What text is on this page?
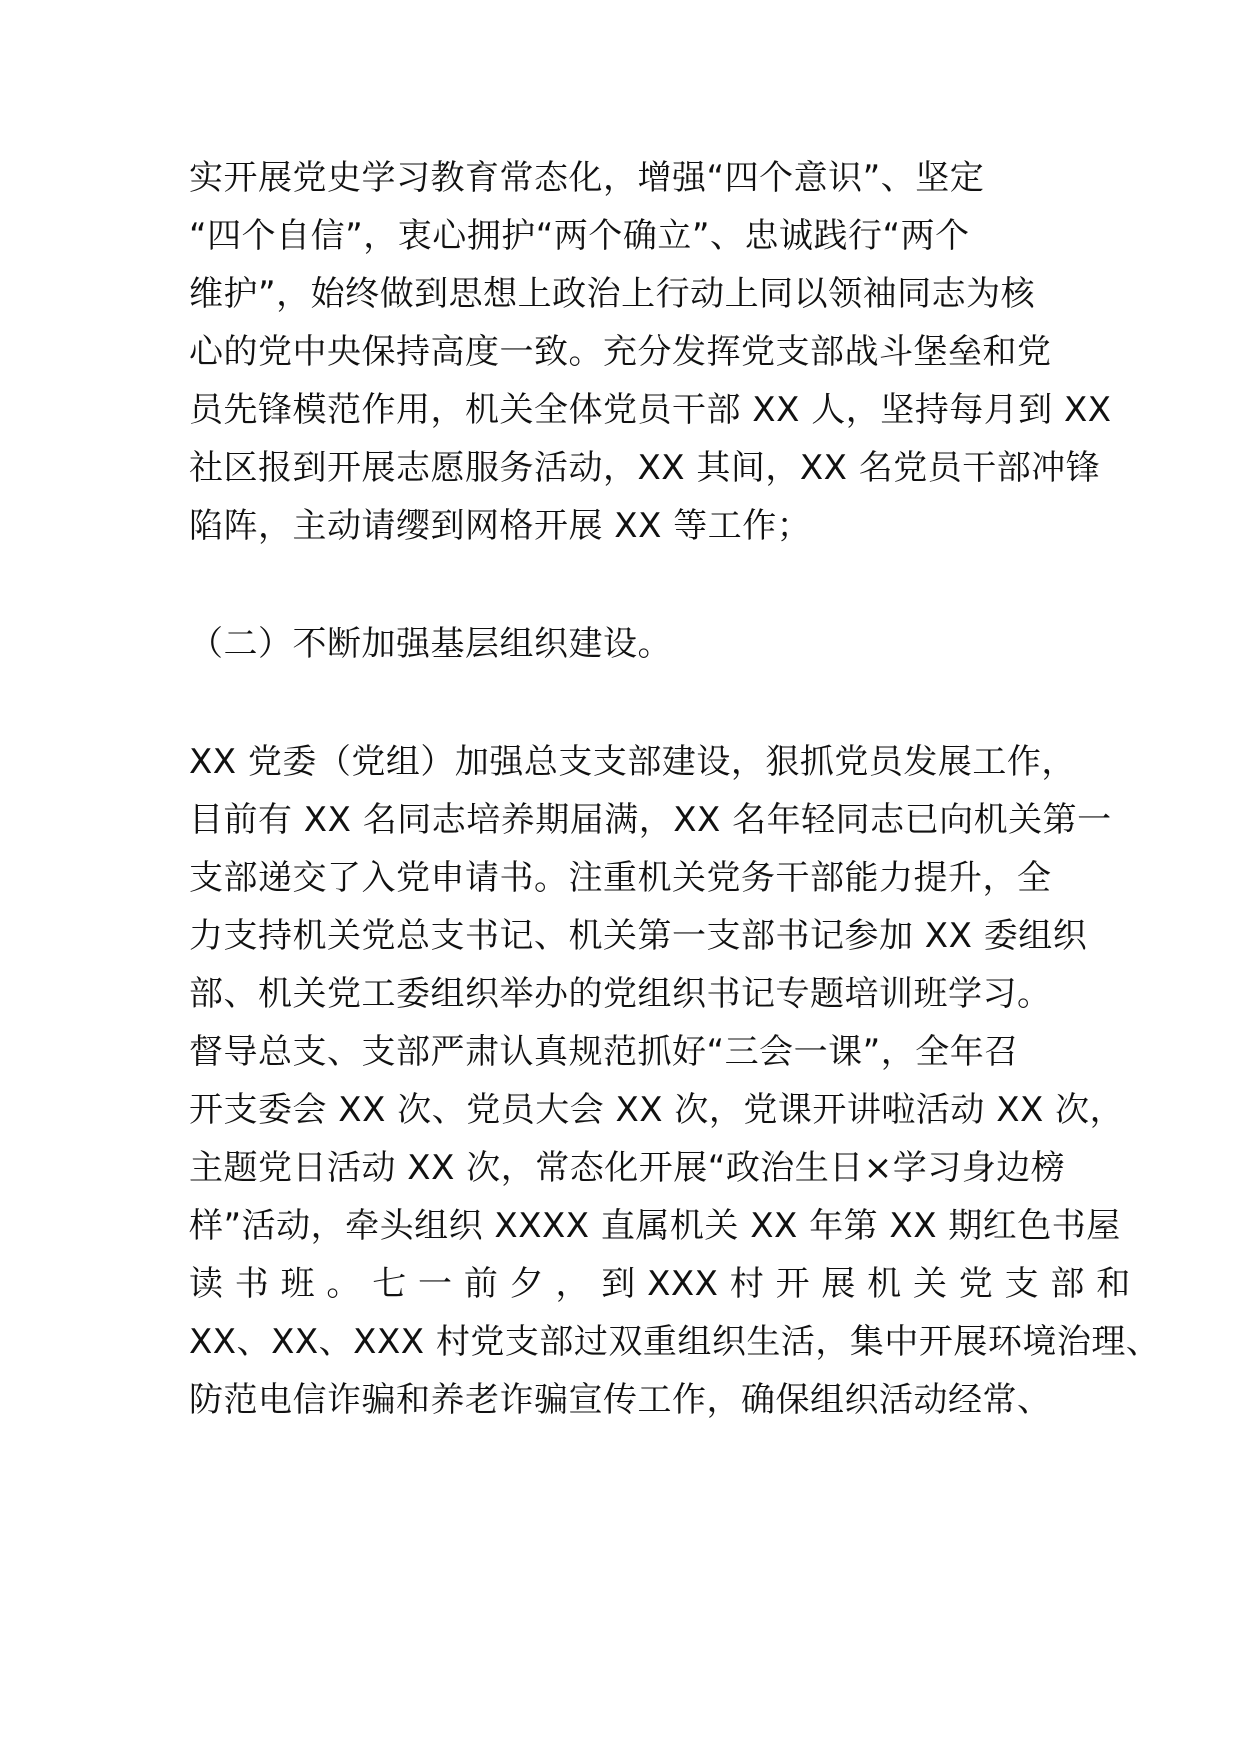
实开展党史学习教育常态化，增强“四个意识”、坚定
“四个自信”，衷心拥护“两个确立”、忠诚践行“两个
维护”，始终做到思想上政治上行动上同以领袖同志为核
心的党中央保持高度一致。充分发挥党支部战斗堡垒和党
员先锋模范作用，机关全体党员干部 XX 人，坚持每月到 XX
社区报到开展志愿服务活动，XX 其间，XX 名党员干部冲锋
陷阵，主动请缨到网格开展 XX 等工作；
（二）不断加强基层组织建设。
XX 党委（党组）加强总支支部建设，狠抓党员发展工作，
目前有 XX 名同志培养期届满，XX 名年轻同志已向机关第一
支部递交了入党申请书。注重机关党务干部能力提升，全
力支持机关党总支书记、机关第一支部书记参加 XX 委组织
部、机关党工委组织举办的党组织书记专题培训班学习。
督导总支、支部严肃认真规范抓好“三会一课”，全年召
开支委会 XX 次、党员大会 XX 次，党课开讲啦活动 XX 次，
主题党日活动 XX 次，常态化开展“政治生日×学习身边榜
样”活动，牵头组织 XXXX 直属机关 XX 年第 XX 期红色书屋
读 书 班 。 七 一 前 夕 ， 到 XXX 村 开 展 机 关 党 支 部 和
XX、XX、XXX 村党支部过双重组织生活，集中开展环境治理、
防范电信诈骗和养老诈骗宣传工作，确保组织活动经常、
